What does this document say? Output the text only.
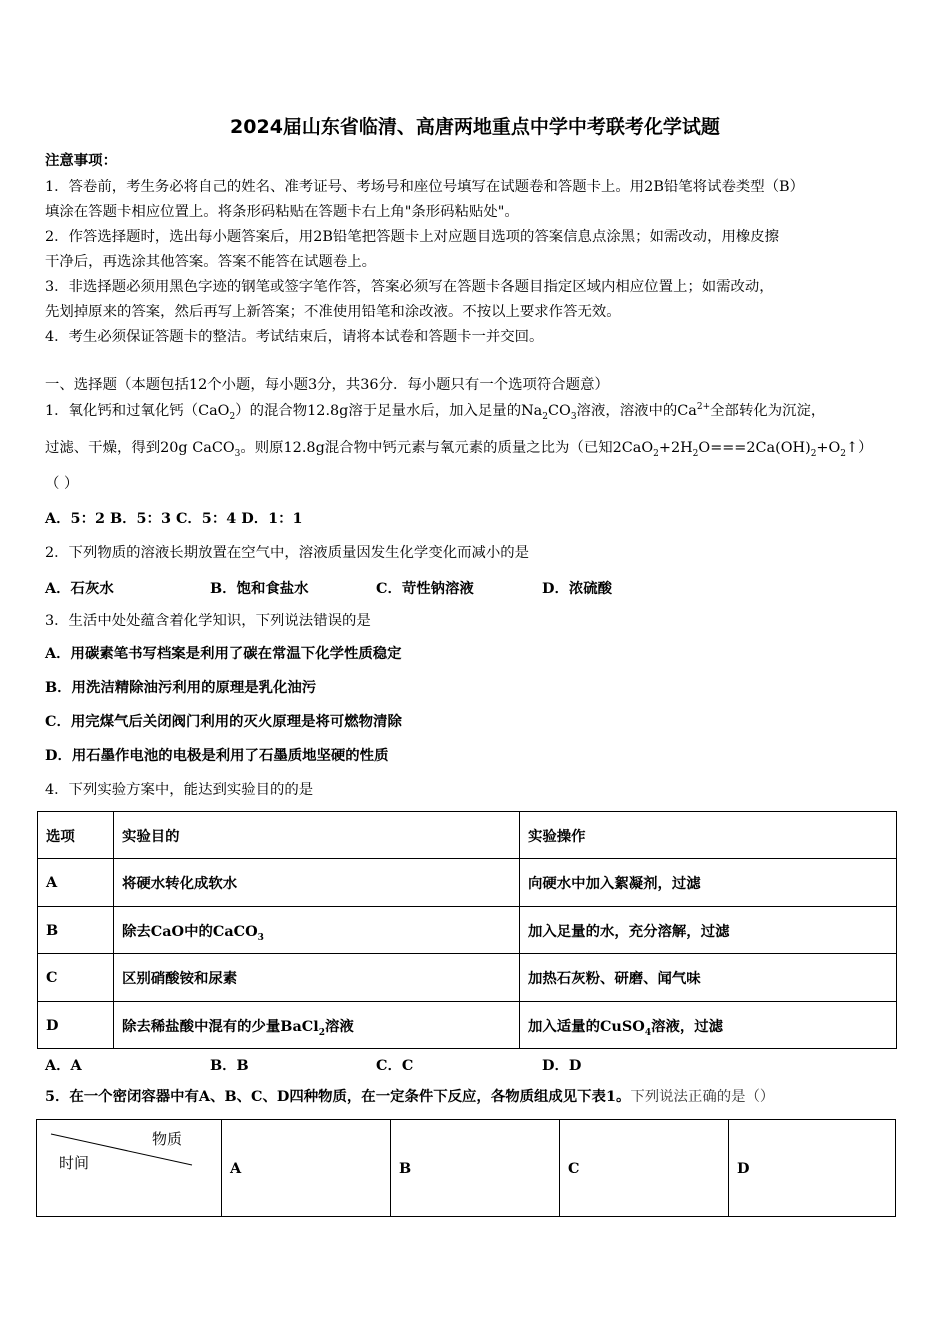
2024届山东省临清、高唐两地重点中学中考联考化学试题
注意事项：
1．答卷前，考生务必将自己的姓名、准考证号、考场号和座位号填写在试题卷和答题卡上。用2B铅笔将试卷类型（B）
填涂在答题卡相应位置上。将条形码粘贴在答题卡右上角"条形码粘贴处"。
2．作答选择题时，选出每小题答案后，用2B铅笔把答题卡上对应题目选项的答案信息点涂黑；如需改动，用橡皮擦
干净后，再选涂其他答案。答案不能答在试题卷上。
3．非选择题必须用黑色字迹的钢笔或签字笔作答，答案必须写在答题卡各题目指定区域内相应位置上；如需改动，
先划掉原来的答案，然后再写上新答案；不准使用铅笔和涂改液。不按以上要求作答无效。
4．考生必须保证答题卡的整洁。考试结束后，请将本试卷和答题卡一并交回。
一、选择题（本题包括12个小题，每小题3分，共36分．每小题只有一个选项符合题意）
1．氧化钙和过氧化钙（CaO$_2$）的混合物12.8g溶于足量水后，加入足量的$Na_2CO_3$溶液，溶液中的$Ca^{2+}$全部转化为沉淀，
过滤、干燥，得到20g CaCO$_3$。则原12.8g混合物中钙元素与氧元素的质量之比为（已知$2CaO_2+2H_2O===2Ca(OH)_2+O_2↑$）
（ ）
A．5：2 B．5：3 C．5：4 D．1：1
2．下列物质的溶液长期放置在空气中，溶液质量因发生化学变化而减小的是
A．石灰水	B．饱和食盐水	C．苛性钠溶液	D．浓硫酸
3．生活中处处蕴含着化学知识，下列说法错误的是
A．用碳素笔书写档案是利用了碳在常温下化学性质稳定
B．用洗洁精除油污利用的原理是乳化油污
C．用完煤气后关闭阀门利用的灭火原理是将可燃物清除
D．用石墨作电池的电极是利用了石墨质地坚硬的性质
4．下列实验方案中，能达到实验目的的是
选项	实验目的	实验操作
A	将硬水转化成软水	向硬水中加入絮凝剂，过滤
B	除去CaO中的CaCO$_3$	加入足量的水，充分溶解，过滤
C	区别硝酸铵和尿素	加热石灰粉、研磨、闻气味
D	除去稀盐酸中混有的少量BaCl$_2$溶液	加入适量的CuSO$_4$溶液，过滤
A．A	B．B	C．C	D．D
5．在一个密闭容器中有A、B、C、D四种物质，在一定条件下反应，各物质组成见下表1。下列说法正确的是（）
物质
时间	A	B	C	D
